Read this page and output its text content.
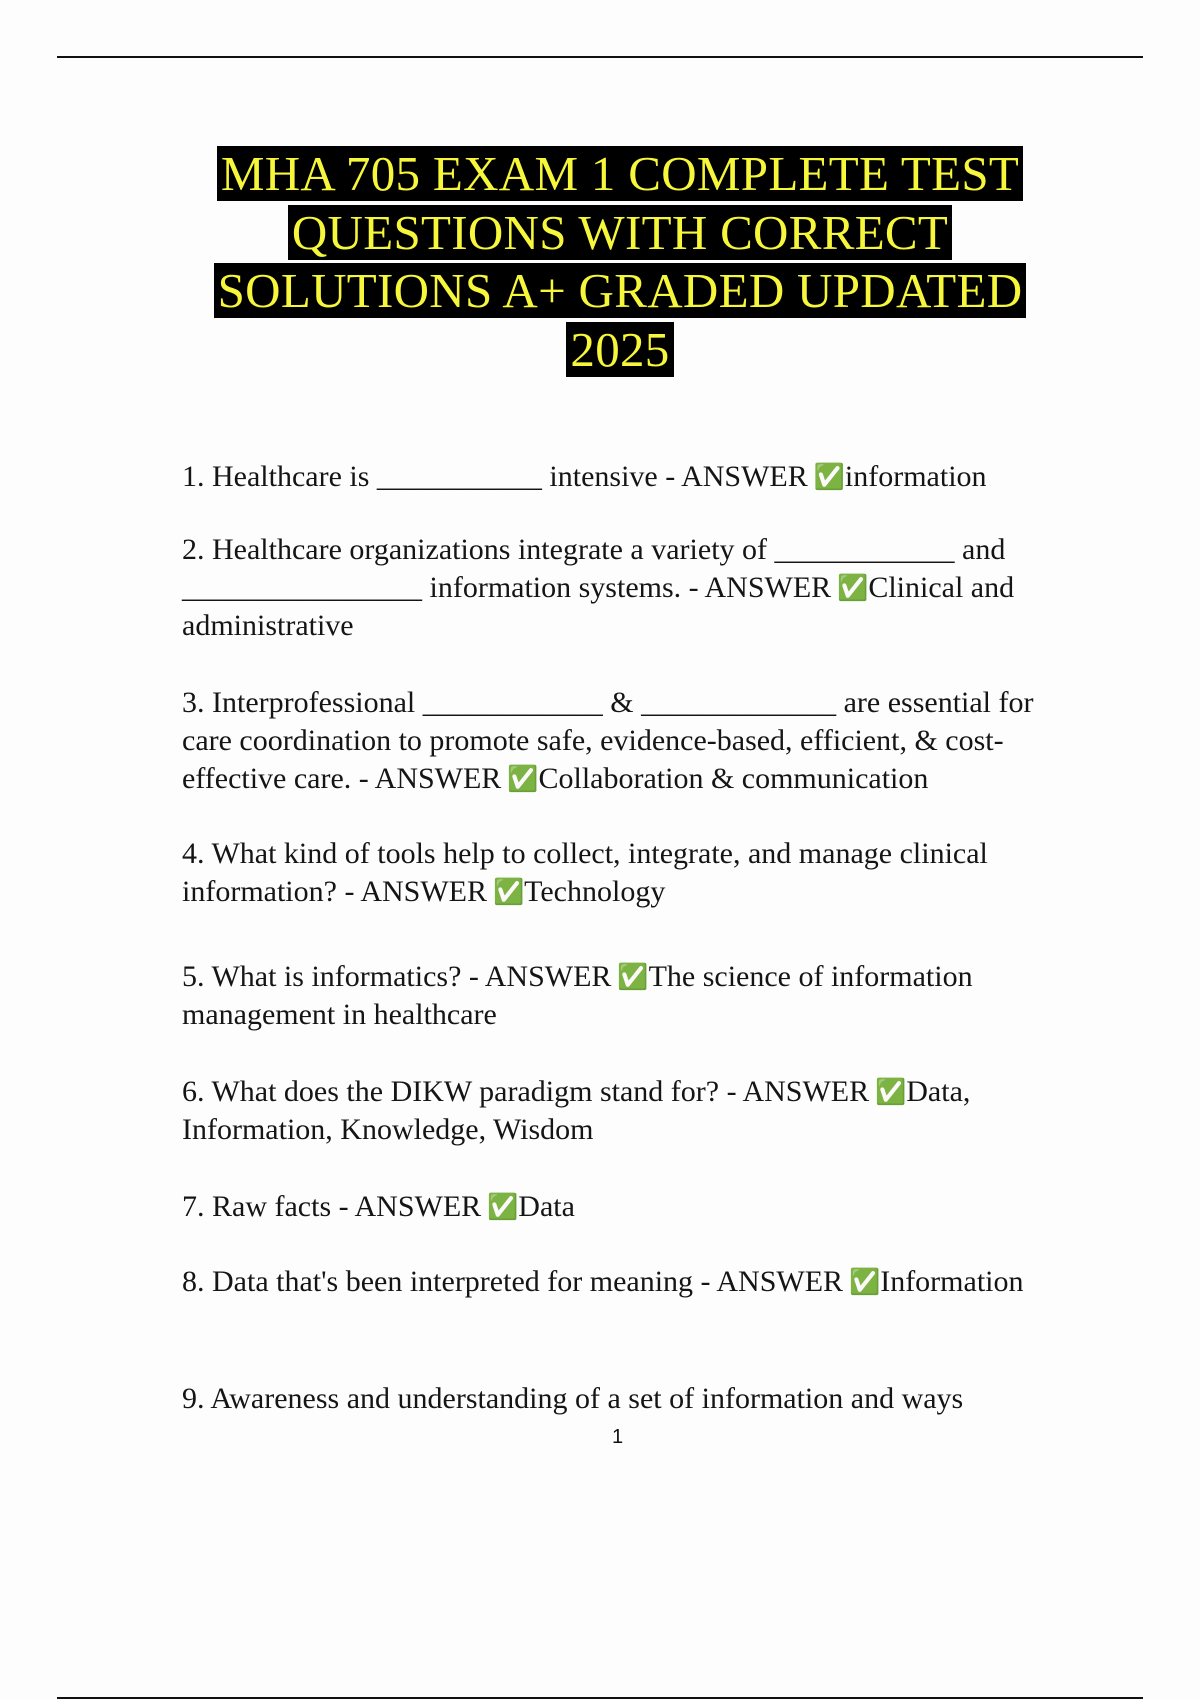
MHA 705 EXAM 1 COMPLETE TEST
QUESTIONS WITH CORRECT
SOLUTIONS A+ GRADED UPDATED
2025
1. Healthcare is ___________ intensive - ANSWER ✅information
2. Healthcare organizations integrate a variety of ____________ and ________________ information systems. - ANSWER ✅Clinical and administrative
3. Interprofessional ____________ & _____________ are essential for care coordination to promote safe, evidence-based, efficient, & cost-effective care. - ANSWER ✅Collaboration & communication
4. What kind of tools help to collect, integrate, and manage clinical information? - ANSWER ✅Technology
5. What is informatics? - ANSWER ✅The science of information management in healthcare
6. What does the DIKW paradigm stand for? - ANSWER ✅Data, Information, Knowledge, Wisdom
7. Raw facts - ANSWER ✅Data
8. Data that's been interpreted for meaning - ANSWER ✅Information
9. Awareness and understanding of a set of information and ways
1
